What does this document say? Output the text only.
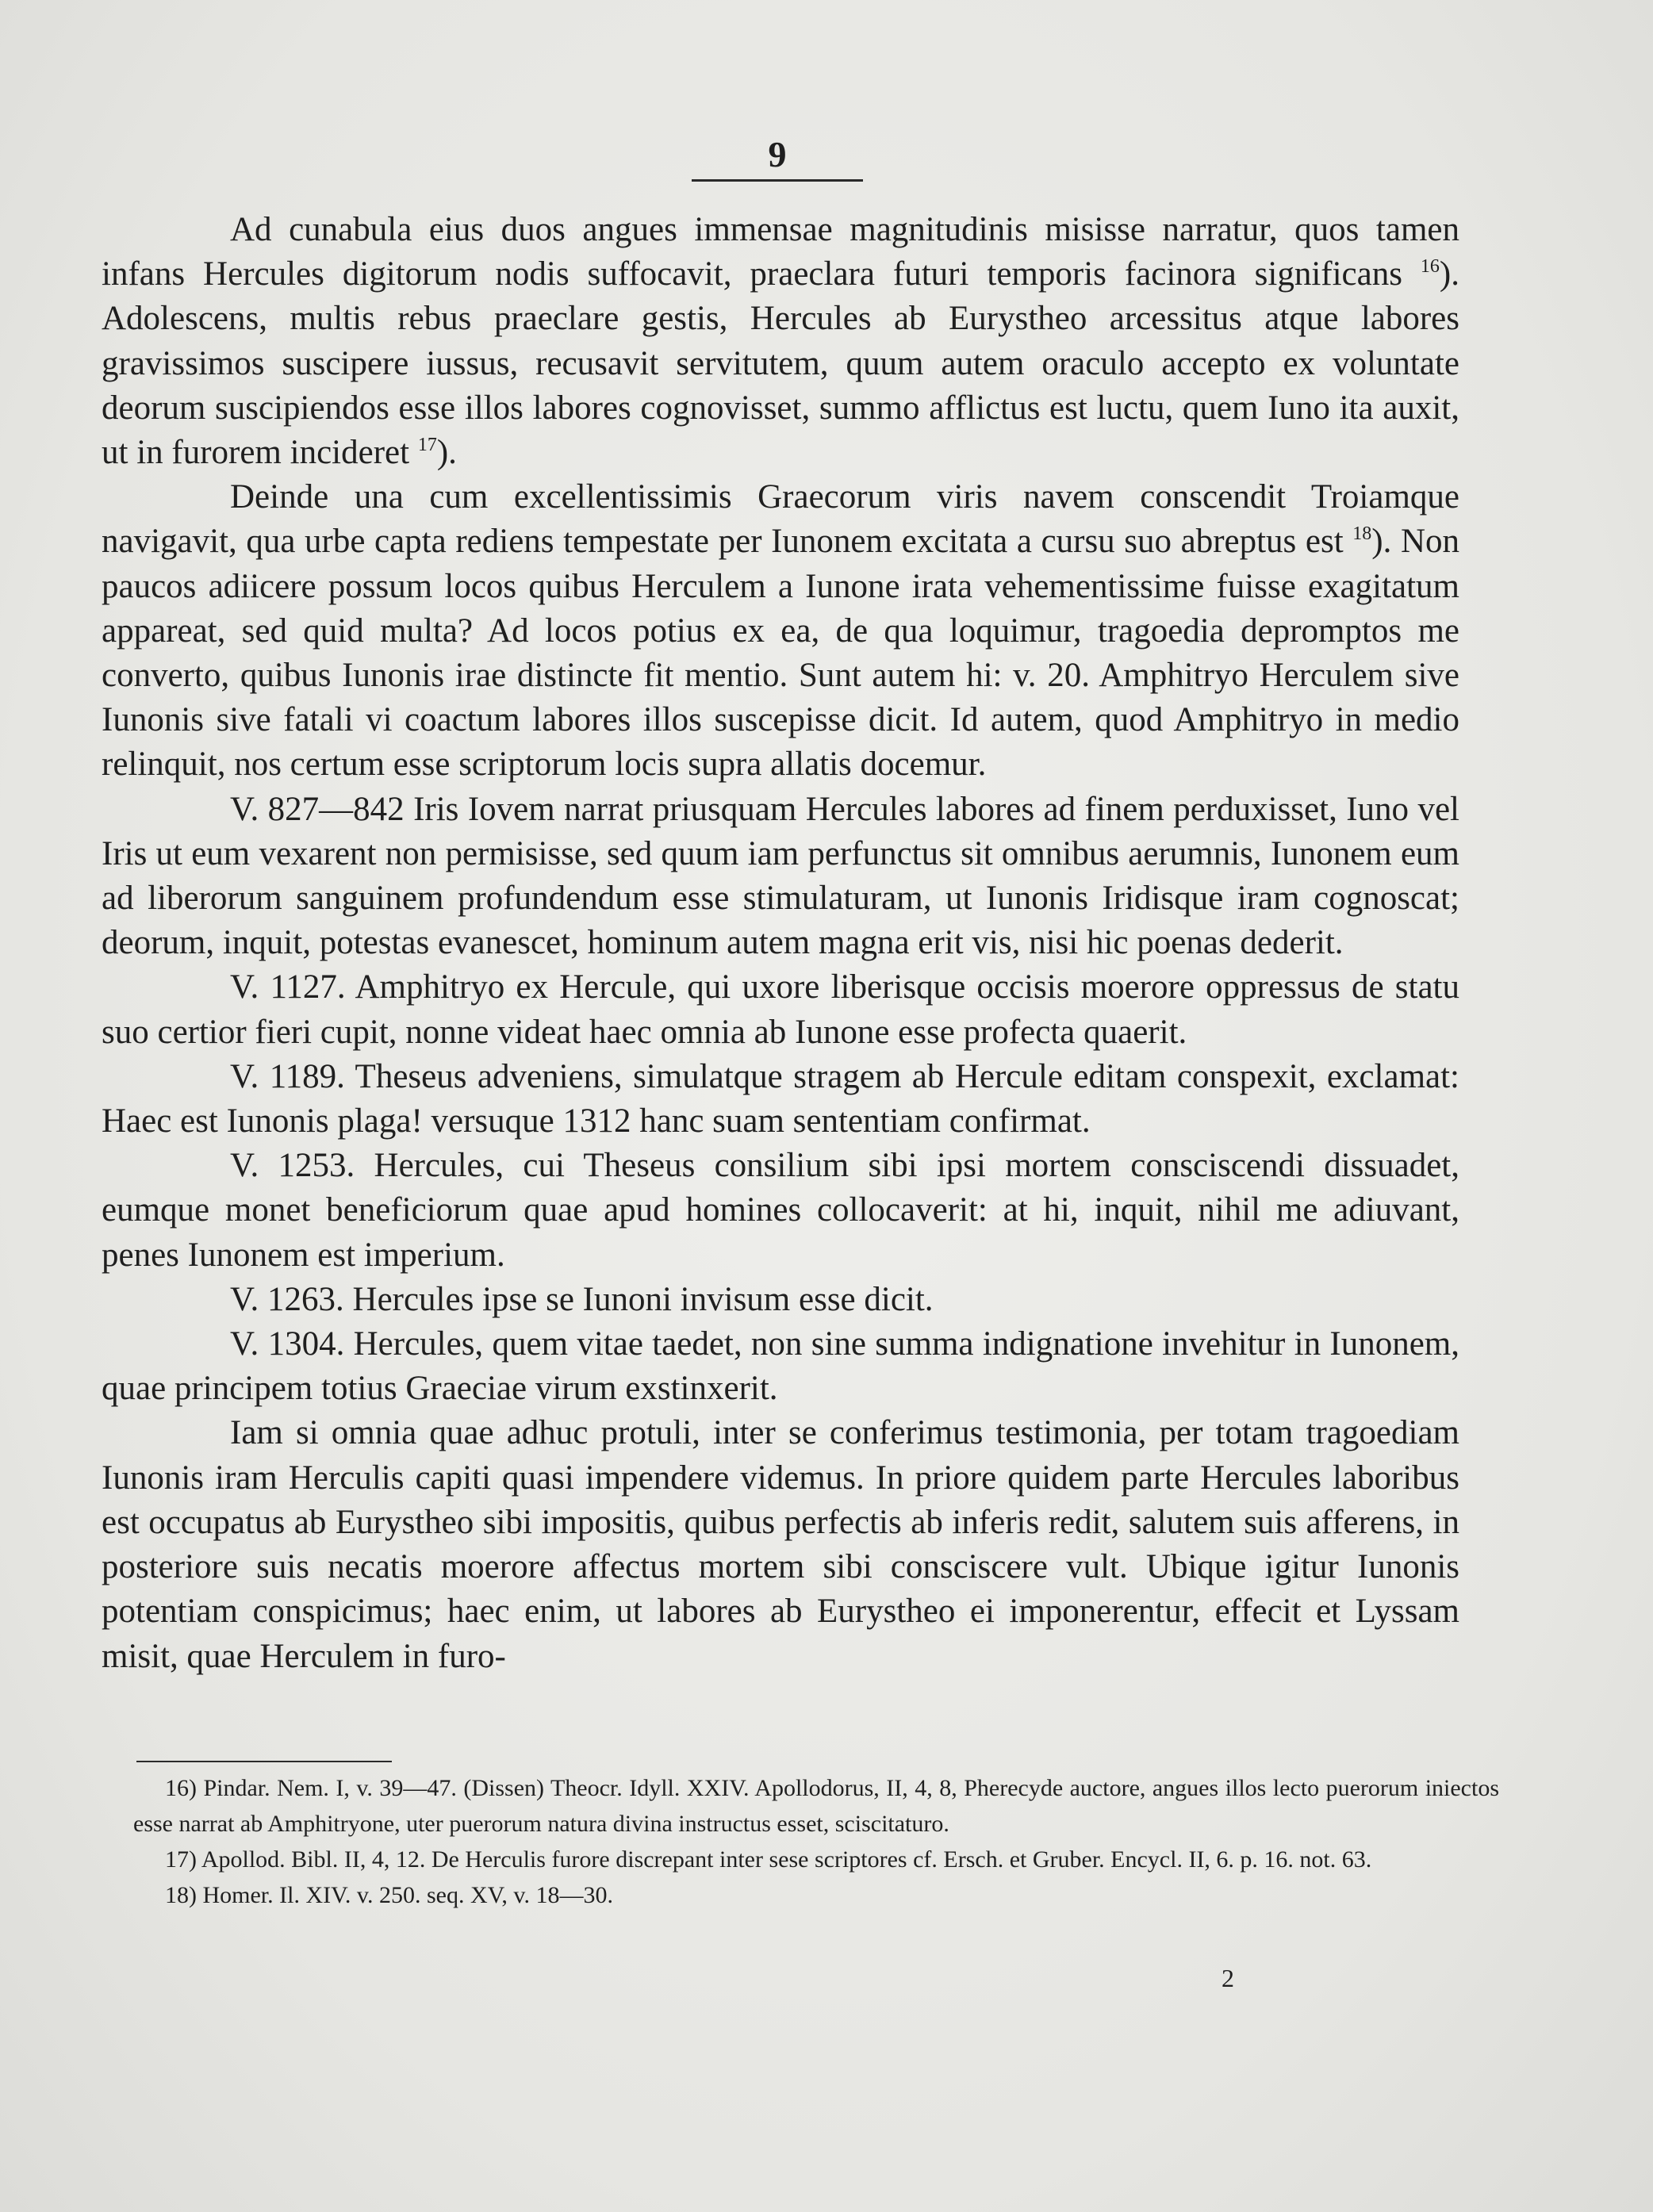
9

Ad cunabula eius duos angues immensae magnitudinis misisse narratur, quos tamen infans Hercules digitorum nodis suffocavit, praeclara futuri temporis facinora significans $^{16}$). Adolescens, multis rebus praeclare gestis, Hercules ab Eurystheo arcessitus atque labores gravissimos suscipere iussus, recusavit servitutem, quum autem oraculo accepto ex voluntate deorum suscipiendos esse illos labores cognovisset, summo afflictus est luctu, quem Iuno ita auxit, ut in furorem incideret $^{17}$).

Deinde una cum excellentissimis Graecorum viris navem conscendit Troiamque navigavit, qua urbe capta rediens tempestate per Iunonem excitata a cursu suo abreptus est $^{18}$). Non paucos adiicere possum locos quibus Herculem a Iunone irata vehementissime fuisse exagitatum appareat, sed quid multa? Ad locos potius ex ea, de qua loquimur, tragoedia depromptos me converto, quibus Iunonis irae distincte fit mentio. Sunt autem hi: v. 20. Amphitryo Herculem sive Iunonis sive fatali vi coactum labores illos suscepisse dicit. Id autem, quod Amphitryo in medio relinquit, nos certum esse scriptorum locis supra allatis docemur.

V. 827—842 Iris Iovem narrat priusquam Hercules labores ad finem perduxisset, Iuno vel Iris ut eum vexarent non permisisse, sed quum iam perfunctus sit omnibus aerumnis, Iunonem eum ad liberorum sanguinem profundendum esse stimulaturam, ut Iunonis Iridisque iram cognoscat; deorum, inquit, potestas evanescet, hominum autem magna erit vis, nisi hic poenas dederit.

V. 1127. Amphitryo ex Hercule, qui uxore liberisque occisis moerore oppressus de statu suo certior fieri cupit, nonne videat haec omnia ab Iunone esse profecta quaerit.

V. 1189. Theseus adveniens, simulatque stragem ab Hercule editam conspexit, exclamat: Haec est Iunonis plaga! versuque 1312 hanc suam sententiam confirmat.

V. 1253. Hercules, cui Theseus consilium sibi ipsi mortem consciscendi dissuadet, eumque monet beneficiorum quae apud homines collocaverit: at hi, inquit, nihil me adiuvant, penes Iunonem est imperium.

V. 1263. Hercules ipse se Iunoni invisum esse dicit.

V. 1304. Hercules, quem vitae taedet, non sine summa indignatione invehitur in Iunonem, quae principem totius Graeciae virum exstinxerit.

Iam si omnia quae adhuc protuli, inter se conferimus testimonia, per totam tragoediam Iunonis iram Herculis capiti quasi impendere videmus. In priore quidem parte Hercules laboribus est occupatus ab Eurystheo sibi impositis, quibus perfectis ab inferis redit, salutem suis afferens, in posteriore suis necatis moerore affectus mortem sibi consciscere vult. Ubique igitur Iunonis potentiam conspicimus; haec enim, ut labores ab Eurystheo ei imponerentur, effecit et Lyssam misit, quae Herculem in furo-

16) Pindar. Nem. I, v. 39—47. (Dissen) Theocr. Idyll. XXIV. Apollodorus, II, 4, 8, Pherecyde auctore, angues illos lecto puerorum iniectos esse narrat ab Amphitryone, uter puerorum natura divina instructus esset, sciscitaturo.

17) Apollod. Bibl. II, 4, 12. De Herculis furore discrepant inter sese scriptores cf. Ersch. et Gruber. Encycl. II, 6. p. 16. not. 63.

18) Homer. Il. XIV. v. 250. seq. XV, v. 18—30.

2
